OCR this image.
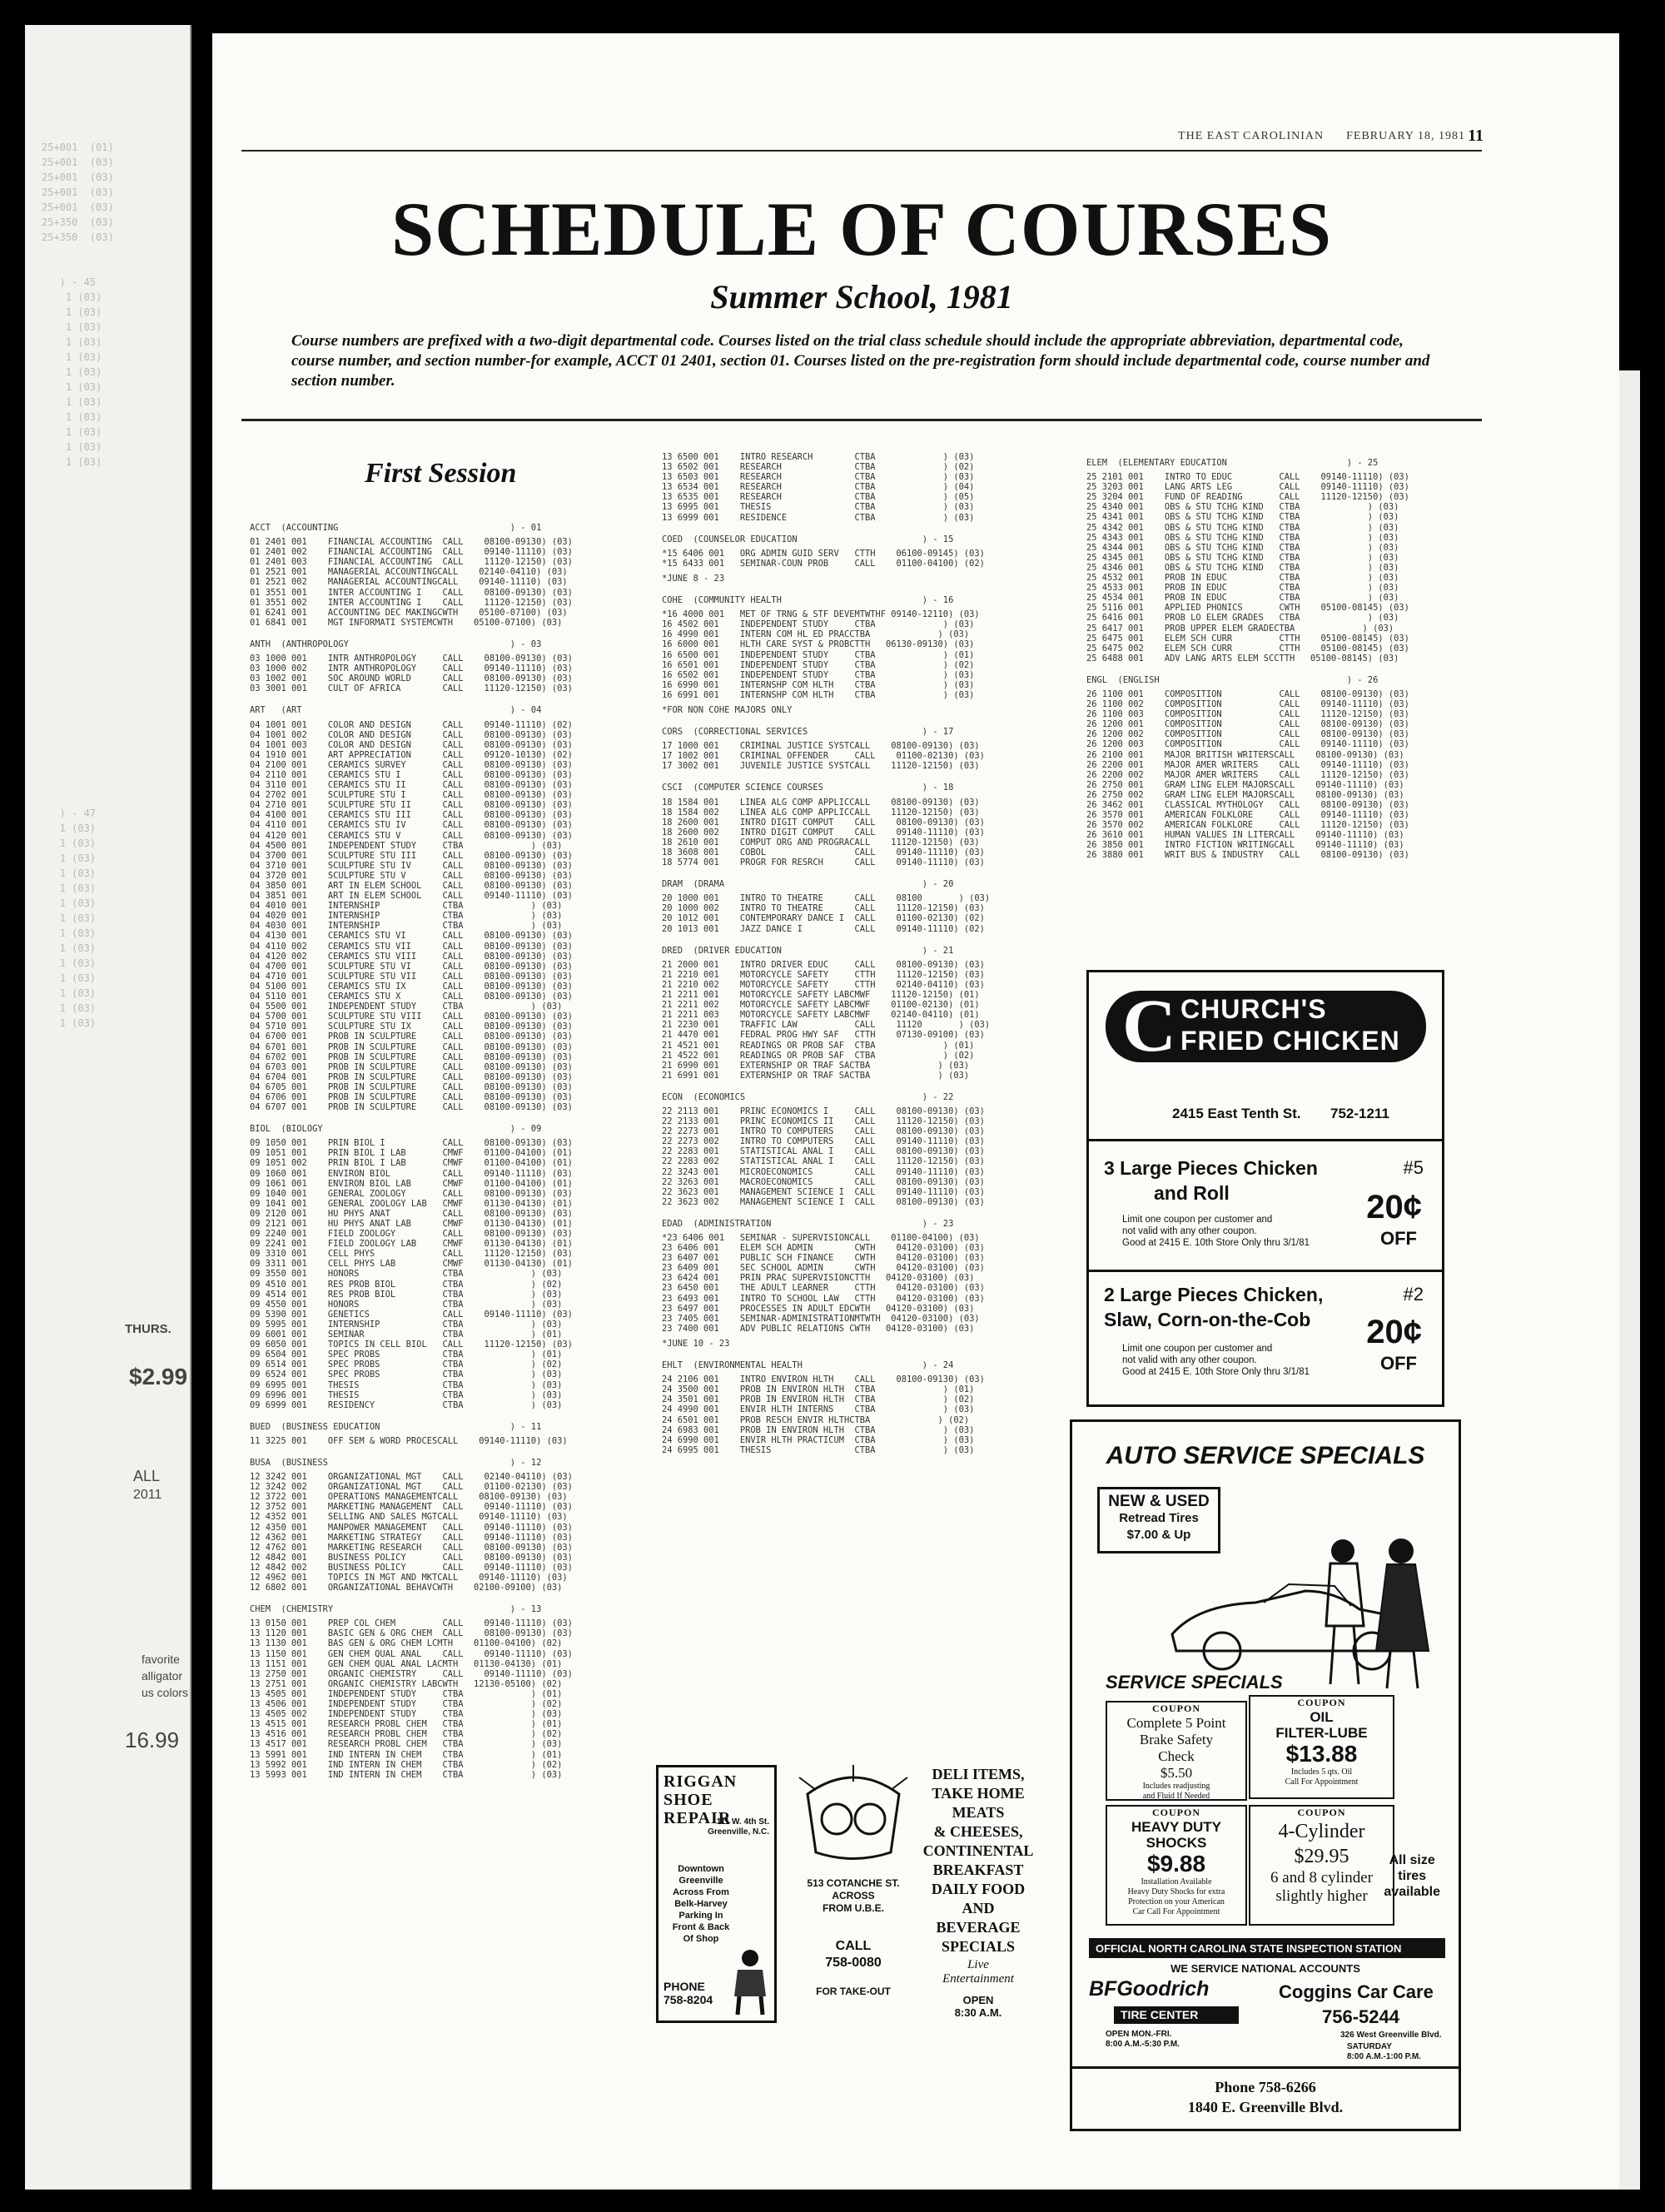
25+001  (01)
25+001  (03)
25+001  (03)
25+001  (03)
25+001  (03)
25+350  (03)
25+350  (03)

) - 45
1 (03)
1 (03)
1 (03)
1 (03)
1 (03)
1 (03)
1 (03)
1 (03)
1 (03)
1 (03)
1 (03)
1 (03)

) - 47
1 (03)
1 (03)
1 (03)
1 (03)
1 (03)
1 (03)
1 (03)
1 (03)
1 (03)
1 (03)
1 (03)
1 (03)
1 (03)
1 (03)
THURS.
$2.99
ALL
2011
favorite
alligator
us colors
16.99
THE EAST CAROLINIAN FEBRUARY 18, 1981 11
SCHEDULE OF COURSES
Summer School, 1981
Course numbers are prefixed with a two-digit departmental code. Courses listed on the trial class schedule should include the appropriate abbreviation, departmental code, course number, and section number-for example, ACCT 01 2401, section 01. Courses listed on the pre-registration form should include departmental code, course number and section number.
First Session
ACCT  (ACCOUNTING                                 ) - 01
01 2401 001    FINANCIAL ACCOUNTING  CALL    08100-09130) (03)
01 2401 002    FINANCIAL ACCOUNTING  CALL    09140-11110) (03)
01 2401 003    FINANCIAL ACCOUNTING  CALL    11120-12150) (03)
01 2521 001    MANAGERIAL ACCOUNTINGCALL    02140-04110) (03)
01 2521 002    MANAGERIAL ACCOUNTINGCALL    09140-11110) (03)
01 3551 001    INTER ACCOUNTING I    CALL    08100-09130) (03)
01 3551 002    INTER ACCOUNTING I    CALL    11120-12150) (03)
01 6241 001    ACCOUNTING DEC MAKINGCWTH    05100-07100) (03)
01 6841 001    MGT INFORMATI SYSTEMCWTH    05100-07100) (03)
ANTH  (ANTHROPOLOGY                               ) - 03
03 1000 001    INTR ANTHROPOLOGY     CALL    08100-09130) (03)
03 1000 002    INTR ANTHROPOLOGY     CALL    09140-11110) (03)
03 1002 001    SOC AROUND WORLD      CALL    08100-09130) (03)
03 3001 001    CULT OF AFRICA        CALL    11120-12150) (03)
ART   (ART                                        ) - 04
04 1001 001    COLOR AND DESIGN      CALL    09140-11110) (02)
04 1001 002    COLOR AND DESIGN      CALL    08100-09130) (03)
04 1001 003    COLOR AND DESIGN      CALL    08100-09130) (03)
04 1910 001    ART APPRECIATION      CALL    09120-10130) (02)
04 2100 001    CERAMICS SURVEY       CALL    08100-09130) (03)
04 2110 001    CERAMICS STU I        CALL    08100-09130) (03)
04 3110 001    CERAMICS STU II       CALL    08100-09130) (03)
04 2702 001    SCULPTURE STU I       CALL    08100-09130) (03)
04 2710 001    SCULPTURE STU II      CALL    08100-09130) (03)
04 4100 001    CERAMICS STU III      CALL    08100-09130) (03)
04 4110 001    CERAMICS STU IV       CALL    08100-09130) (03)
04 4120 001    CERAMICS STU V        CALL    08100-09130) (03)
04 4500 001    INDEPENDENT STUDY     CTBA             ) (03)
04 3700 001    SCULPTURE STU III     CALL    08100-09130) (03)
04 3710 001    SCULPTURE STU IV      CALL    08100-09130) (03)
04 3720 001    SCULPTURE STU V       CALL    08100-09130) (03)
04 3850 001    ART IN ELEM SCHOOL    CALL    08100-09130) (03)
04 3851 001    ART IN ELEM SCHOOL    CALL    09140-11110) (03)
04 4010 001    INTERNSHIP            CTBA             ) (03)
04 4020 001    INTERNSHIP            CTBA             ) (03)
04 4030 001    INTERNSHIP            CTBA             ) (03)
04 4130 001    CERAMICS STU VI       CALL    08100-09130) (03)
04 4110 002    CERAMICS STU VII      CALL    08100-09130) (03)
04 4120 002    CERAMICS STU VIII     CALL    08100-09130) (03)
04 4700 001    SCULPTURE STU VI      CALL    08100-09130) (03)
04 4710 001    SCULPTURE STU VII     CALL    08100-09130) (03)
04 5100 001    CERAMICS STU IX       CALL    08100-09130) (03)
04 5110 001    CERAMICS STU X        CALL    08100-09130) (03)
04 5500 001    INDEPENDENT STUDY     CTBA             ) (03)
04 5700 001    SCULPTURE STU VIII    CALL    08100-09130) (03)
04 5710 001    SCULPTURE STU IX      CALL    08100-09130) (03)
04 6700 001    PROB IN SCULPTURE     CALL    08100-09130) (03)
04 6701 001    PROB IN SCULPTURE     CALL    08100-09130) (03)
04 6702 001    PROB IN SCULPTURE     CALL    08100-09130) (03)
04 6703 001    PROB IN SCULPTURE     CALL    08100-09130) (03)
04 6704 001    PROB IN SCULPTURE     CALL    08100-09130) (03)
04 6705 001    PROB IN SCULPTURE     CALL    08100-09130) (03)
04 6706 001    PROB IN SCULPTURE     CALL    08100-09130) (03)
04 6707 001    PROB IN SCULPTURE     CALL    08100-09130) (03)
BIOL  (BIOLOGY                                    ) - 09
09 1050 001    PRIN BIOL I           CALL    08100-09130) (03)
09 1051 001    PRIN BIOL I LAB       CMWF    01100-04100) (01)
09 1051 002    PRIN BIOL I LAB       CMWF    01100-04100) (01)
09 1060 001    ENVIRON BIOL          CALL    09140-11110) (03)
09 1061 001    ENVIRON BIOL LAB      CMWF    01100-04100) (01)
09 1040 001    GENERAL ZOOLOGY       CALL    08100-09130) (03)
09 1041 001    GENERAL ZOOLOGY LAB   CMWF    01130-04130) (01)
09 2120 001    HU PHYS ANAT          CALL    08100-09130) (03)
09 2121 001    HU PHYS ANAT LAB      CMWF    01130-04130) (01)
09 2240 001    FIELD ZOOLOGY         CALL    08100-09130) (03)
09 2241 001    FIELD ZOOLOGY LAB     CMWF    01130-04130) (01)
09 3310 001    CELL PHYS             CALL    11120-12150) (03)
09 3311 001    CELL PHYS LAB         CMWF    01130-04130) (01)
09 3550 001    HONORS                CTBA             ) (03)
09 4510 001    RES PROB BIOL         CTBA             ) (02)
09 4514 001    RES PROB BIOL         CTBA             ) (03)
09 4550 001    HONORS                CTBA             ) (03)
09 5390 001    GENETICS              CALL    09140-11110) (03)
09 5995 001    INTERNSHIP            CTBA             ) (03)
09 6001 001    SEMINAR               CTBA             ) (01)
09 6050 001    TOPICS IN CELL BIOL   CALL    11120-12150) (03)
09 6504 001    SPEC PROBS            CTBA             ) (01)
09 6514 001    SPEC PROBS            CTBA             ) (02)
09 6524 001    SPEC PROBS            CTBA             ) (03)
09 6995 001    THESIS                CTBA             ) (03)
09 6996 001    THESIS                CTBA             ) (03)
09 6999 001    RESIDENCY             CTBA             ) (03)
BUED  (BUSINESS EDUCATION                         ) - 11
11 3225 001    OFF SEM & WORD PROCESCALL    09140-11110) (03)
BUSA  (BUSINESS                                   ) - 12
12 3242 001    ORGANIZATIONAL MGT    CALL    02140-04110) (03)
12 3242 002    ORGANIZATIONAL MGT    CALL    01100-02130) (03)
12 3722 001    OPERATIONS MANAGEMENTCALL    08100-09130) (03)
12 3752 001    MARKETING MANAGEMENT  CALL    09140-11110) (03)
12 4352 001    SELLING AND SALES MGTCALL    09140-11110) (03)
12 4350 001    MANPOWER MANAGEMENT   CALL    09140-11110) (03)
12 4362 001    MARKETING STRATEGY    CALL    09140-11110) (03)
12 4762 001    MARKETING RESEARCH    CALL    08100-09130) (03)
12 4842 001    BUSINESS POLICY       CALL    08100-09130) (03)
12 4842 002    BUSINESS POLICY       CALL    09140-11110) (03)
12 4962 001    TOPICS IN MGT AND MKTCALL    09140-11110) (03)
12 6802 001    ORGANIZATIONAL BEHAVCWTH    02100-09100) (03)
CHEM  (CHEMISTRY                                  ) - 13
13 0150 001    PREP COL CHEM         CALL    09140-11110) (03)
13 1120 001    BASIC GEN & ORG CHEM  CALL    08100-09130) (03)
13 1130 001    BAS GEN & ORG CHEM LCMTH    01100-04100) (02)
13 1150 001    GEN CHEM QUAL ANAL    CALL    09140-11110) (03)
13 1151 001    GEN CHEM QUAL ANAL LACMTH   01130-04130) (01)
13 2750 001    ORGANIC CHEMISTRY     CALL    09140-11110) (03)
13 2751 001    ORGANIC CHEMISTRY LABCWTH   12130-05100) (02)
13 4505 001    INDEPENDENT STUDY     CTBA             ) (01)
13 4506 001    INDEPENDENT STUDY     CTBA             ) (02)
13 4505 002    INDEPENDENT STUDY     CTBA             ) (03)
13 4515 001    RESEARCH PROBL CHEM   CTBA             ) (01)
13 4516 001    RESEARCH PROBL CHEM   CTBA             ) (02)
13 4517 001    RESEARCH PROBL CHEM   CTBA             ) (03)
13 5991 001    IND INTERN IN CHEM    CTBA             ) (01)
13 5992 001    IND INTERN IN CHEM    CTBA             ) (02)
13 5993 001    IND INTERN IN CHEM    CTBA             ) (03)
13 6500 001    INTRO RESEARCH        CTBA             ) (03)
13 6502 001    RESEARCH              CTBA             ) (02)
13 6503 001    RESEARCH              CTBA             ) (03)
13 6534 001    RESEARCH              CTBA             ) (04)
13 6535 001    RESEARCH              CTBA             ) (05)
13 6995 001    THESIS                CTBA             ) (03)
13 6999 001    RESIDENCE             CTBA             ) (03)
COED  (COUNSELOR EDUCATION                        ) - 15
*15 6406 001   ORG ADMIN GUID SERV   CTTH    06100-09145) (03)
*15 6433 001   SEMINAR-COUN PROB     CALL    01100-04100) (02)
*JUNE 8 - 23
COHE  (COMMUNITY HEALTH                           ) - 16
*16 4000 001   MET OF TRNG & STF DEVEMTWTHF 09140-12110) (03)
16 4502 001    INDEPENDENT STUDY     CTBA             ) (03)
16 4990 001    INTERN COM HL ED PRACCTBA             ) (03)
16 6000 001    HLTH CARE SYST & PROBCTTH   06130-09130) (03)
16 6500 001    INDEPENDENT STUDY     CTBA             ) (01)
16 6501 001    INDEPENDENT STUDY     CTBA             ) (02)
16 6502 001    INDEPENDENT STUDY     CTBA             ) (03)
16 6990 001    INTERNSHP COM HLTH    CTBA             ) (03)
16 6991 001    INTERNSHP COM HLTH    CTBA             ) (03)
*FOR NON COHE MAJORS ONLY
CORS  (CORRECTIONAL SERVICES                      ) - 17
17 1000 001    CRIMINAL JUSTICE SYSTCALL    08100-09130) (03)
17 1002 001    CRIMINAL OFFENDER     CALL    01100-02130) (03)
17 3002 001    JUVENILE JUSTICE SYSTCALL    11120-12150) (03)
CSCI  (COMPUTER SCIENCE COURSES                   ) - 18
18 1584 001    LINEA ALG COMP APPLICCALL    08100-09130) (03)
18 1584 002    LINEA ALG COMP APPLICCALL    11120-12150) (03)
18 2600 001    INTRO DIGIT COMPUT    CALL    08100-09130) (03)
18 2600 002    INTRO DIGIT COMPUT    CALL    09140-11110) (03)
18 2610 001    COMPUT ORG AND PROGRACALL    11120-12150) (03)
18 3608 001    COBOL                 CALL    09140-11110) (03)
18 5774 001    PROGR FOR RESRCH      CALL    09140-11110) (03)
DRAM  (DRAMA                                      ) - 20
20 1000 001    INTRO TO THEATRE      CALL    08100       ) (03)
20 1000 002    INTRO TO THEATRE      CALL    11120-12150) (03)
20 1012 001    CONTEMPORARY DANCE I  CALL    01100-02130) (02)
20 1013 001    JAZZ DANCE I          CALL    09140-11110) (02)
DRED  (DRIVER EDUCATION                           ) - 21
21 2000 001    INTRO DRIVER EDUC     CALL    08100-09130) (03)
21 2210 001    MOTORCYCLE SAFETY     CTTH    11120-12150) (03)
21 2210 002    MOTORCYCLE SAFETY     CTTH    02140-04110) (03)
21 2211 001    MOTORCYCLE SAFETY LABCMWF    11120-12150) (01)
21 2211 002    MOTORCYCLE SAFETY LABCMWF    01100-02130) (01)
21 2211 003    MOTORCYCLE SAFETY LABCMWF    02140-04110) (01)
21 2230 001    TRAFFIC LAW           CALL    11120       ) (03)
21 4470 001    FEDRAL PROG HWY SAF   CTTH    07130-09100) (03)
21 4521 001    READINGS OR PROB SAF  CTBA             ) (01)
21 4522 001    READINGS OR PROB SAF  CTBA             ) (02)
21 6990 001    EXTERNSHIP OR TRAF SACTBA             ) (03)
21 6991 001    EXTERNSHIP OR TRAF SACTBA             ) (03)
ECON  (ECONOMICS                                  ) - 22
22 2113 001    PRINC ECONOMICS I     CALL    08100-09130) (03)
22 2133 001    PRINC ECONOMICS II    CALL    11120-12150) (03)
22 2273 001    INTRO TO COMPUTERS    CALL    08100-09130) (03)
22 2273 002    INTRO TO COMPUTERS    CALL    09140-11110) (03)
22 2283 001    STATISTICAL ANAL I    CALL    08100-09130) (03)
22 2283 002    STATISTICAL ANAL I    CALL    11120-12150) (03)
22 3243 001    MICROECONOMICS        CALL    09140-11110) (03)
22 3263 001    MACROECONOMICS        CALL    08100-09130) (03)
22 3623 001    MANAGEMENT SCIENCE I  CALL    09140-11110) (03)
22 3623 002    MANAGEMENT SCIENCE I  CALL    08100-09130) (03)
EDAD  (ADMINISTRATION                             ) - 23
*23 6406 001   SEMINAR - SUPERVISIONCALL    01100-04100) (03)
23 6406 001    ELEM SCH ADMIN        CWTH    04120-03100) (03)
23 6407 001    PUBLIC SCH FINANCE    CWTH    04120-03100) (03)
23 6409 001    SEC SCHOOL ADMIN      CWTH    04120-03100) (03)
23 6424 001    PRIN PRAC SUPERVISIONCTTH   04120-03100) (03)
23 6450 001    THE ADULT LEARNER     CTTH    04120-03100) (03)
23 6493 001    INTRO TO SCHOOL LAW   CTTH    04120-03100) (03)
23 6497 001    PROCESSES IN ADULT EDCWTH   04120-03100) (03)
23 7405 001    SEMINAR-ADMINISTRATIONMTWTH  04120-03100) (03)
23 7400 001    ADV PUBLIC RELATIONS CWTH   04120-03100) (03)
*JUNE 10 - 23
EHLT  (ENVIRONMENTAL HEALTH                       ) - 24
24 2106 001    INTRO ENVIRON HLTH    CALL    08100-09130) (03)
24 3500 001    PROB IN ENVIRON HLTH  CTBA             ) (01)
24 3501 001    PROB IN ENVIRON HLTH  CTBA             ) (02)
24 4990 001    ENVIR HLTH INTERNS    CTBA             ) (03)
24 6501 001    PROB RESCH ENVIR HLTHCTBA             ) (02)
24 6983 001    PROB IN ENVIRON HLTH  CTBA             ) (03)
24 6990 001    ENVIR HLTH PRACTICUM  CTBA             ) (03)
24 6995 001    THESIS                CTBA             ) (03)
ELEM  (ELEMENTARY EDUCATION                       ) - 25
25 2101 001    INTRO TO EDUC         CALL    09140-11110) (03)
25 3203 001    LANG ARTS LEG         CALL    09140-11110) (03)
25 3204 001    FUND OF READING       CALL    11120-12150) (03)
25 4340 001    OBS & STU TCHG KIND   CTBA             ) (03)
25 4341 001    OBS & STU TCHG KIND   CTBA             ) (03)
25 4342 001    OBS & STU TCHG KIND   CTBA             ) (03)
25 4343 001    OBS & STU TCHG KIND   CTBA             ) (03)
25 4344 001    OBS & STU TCHG KIND   CTBA             ) (03)
25 4345 001    OBS & STU TCHG KIND   CTBA             ) (03)
25 4346 001    OBS & STU TCHG KIND   CTBA             ) (03)
25 4532 001    PROB IN EDUC          CTBA             ) (03)
25 4533 001    PROB IN EDUC          CTBA             ) (03)
25 4534 001    PROB IN EDUC          CTBA             ) (03)
25 5116 001    APPLIED PHONICS       CWTH    05100-08145) (03)
25 6416 001    PROB LO ELEM GRADES   CTBA             ) (03)
25 6417 001    PROB UPPER ELEM GRADECTBA             ) (03)
25 6475 001    ELEM SCH CURR         CTTH    05100-08145) (03)
25 6475 002    ELEM SCH CURR         CTTH    05100-08145) (03)
25 6488 001    ADV LANG ARTS ELEM SCCTTH   05100-08145) (03)
ENGL  (ENGLISH                                    ) - 26
26 1100 001    COMPOSITION           CALL    08100-09130) (03)
26 1100 002    COMPOSITION           CALL    09140-11110) (03)
26 1100 003    COMPOSITION           CALL    11120-12150) (03)
26 1200 001    COMPOSITION           CALL    08100-09130) (03)
26 1200 002    COMPOSITION           CALL    08100-09130) (03)
26 1200 003    COMPOSITION           CALL    09140-11110) (03)
26 2100 001    MAJOR BRITISH WRITERSCALL    08100-09130) (03)
26 2200 001    MAJOR AMER WRITERS    CALL    09140-11110) (03)
26 2200 002    MAJOR AMER WRITERS    CALL    11120-12150) (03)
26 2750 001    GRAM LING ELEM MAJORSCALL    09140-11110) (03)
26 2750 002    GRAM LING ELEM MAJORSCALL    08100-09130) (03)
26 3462 001    CLASSICAL MYTHOLOGY   CALL    08100-09130) (03)
26 3570 001    AMERICAN FOLKLORE     CALL    09140-11110) (03)
26 3570 002    AMERICAN FOLKLORE     CALL    11120-12150) (03)
26 3610 001    HUMAN VALUES IN LITERCALL    09140-11110) (03)
26 3850 001    INTRO FICTION WRITINGCALL    09140-11110) (03)
26 3880 001    WRIT BUS & INDUSTRY   CALL    08100-09130) (03)
C CHURCH'S
FRIED CHICKEN
2415 East Tenth St. 752-1211
3 Large Pieces Chicken
and Roll
#5
Limit one coupon per customer and
not valid with any other coupon.
Good at 2415 E. 10th Store Only thru 3/1/81
20¢
OFF
2 Large Pieces Chicken,
Slaw, Corn-on-the-Cob
#2
Limit one coupon per customer and
not valid with any other coupon.
Good at 2415 E. 10th Store Only thru 3/1/81
20¢
OFF
AUTO SERVICE SPECIALS
NEW & USED
Retread Tires
$7.00 & Up
SERVICE SPECIALS
COUPON
Complete 5 Point
Brake Safety
Check
$5.50
Includes readjusting
and Fluid If Needed
COUPON
OIL
FILTER-LUBE
$13.88
Includes 5 qts. Oil
Call For Appointment
COUPON
HEAVY DUTY
SHOCKS
$9.88
Installation Available
Heavy Duty Shocks for extra
Protection on your American
Car Call For Appointment
COUPON
4-Cylinder
$29.95
6 and 8 cylinder
slightly higher
All size
tires
available
OFFICIAL NORTH CAROLINA STATE INSPECTION STATION
WE SERVICE NATIONAL ACCOUNTS
BFGoodrich
TIRE CENTER
Coggins Car Care
756-5244
326 West Greenville Blvd.
OPEN MON.-FRI.
8:00 A.M.-5:30 P.M.	SATURDAY
8:00 A.M.-1:00 P.M.
Phone 758-6266
1840 E. Greenville Blvd.
RIGGAN
SHOE
REPAIR
111 W. 4th St.
Greenville, N.C.
Downtown Greenville
Across From
Belk-Harvey
Parking In
Front & Back
Of Shop
PHONE
758-8204
DELI ITEMS,
TAKE HOME
MEATS
& CHEESES,
CONTINENTAL
BREAKFAST
DAILY FOOD
AND BEVERAGE
SPECIALS
513 COTANCHE ST.
ACROSS
FROM U.B.E.
CALL
758-0080
FOR TAKE-OUT
Live
Entertainment
OPEN
8:30 A.M.
